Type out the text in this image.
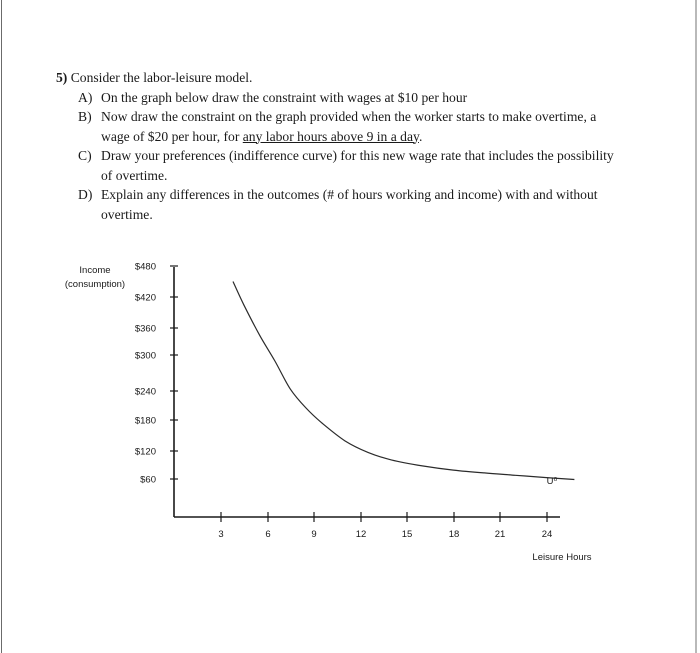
5) Consider the labor-leisure model.
A) On the graph below draw the constraint with wages at $10 per hour
B) Now draw the constraint on the graph provided when the worker starts to make overtime, a wage of $20 per hour, for any labor hours above 9 in a day.
C) Draw your preferences (indifference curve) for this new wage rate that includes the possibility of overtime.
D) Explain any differences in the outcomes (# of hours working and income) with and without overtime.
$480
$420
$360
$300
$240
$180
$120
$60
3	6	9	12	15	18	21	24
Income
(consumption)
Leisure Hours
U⁰
